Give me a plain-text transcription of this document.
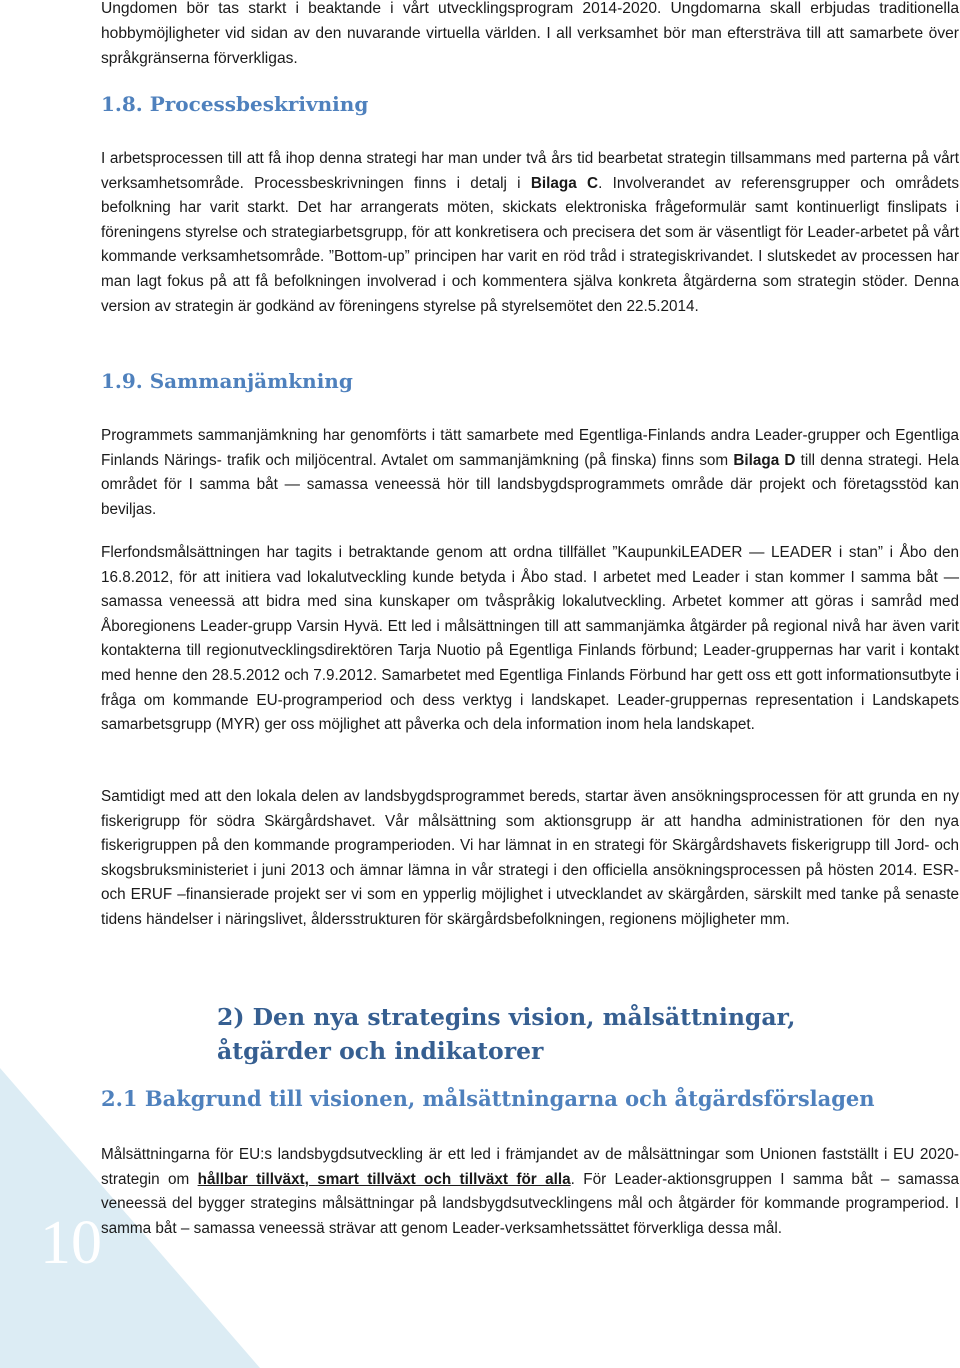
10

Ungdomen bör tas starkt i beaktande i vårt utvecklingsprogram 2014-2020. Ungdomarna skall erbjudas traditionella hobbymöjligheter vid sidan av den nuvarande virtuella världen. I all verksamhet bör man eftersträva till att samarbete över språkgränserna förverkligas.

1.8. Processbeskrivning

I arbetsprocessen till att få ihop denna strategi har man under två års tid bearbetat strategin tillsammans med parterna på vårt verksamhetsområde. Processbeskrivningen finns i detalj i Bilaga C. Involverandet av referensgrupper och områdets befolkning har varit starkt. Det har arrangerats möten, skickats elektroniska frågeformulär samt kontinuerligt finslipats i föreningens styrelse och strategiarbetsgrupp, för att konkretisera och precisera det som är väsentligt för Leader-arbetet på vårt kommande verksamhetsområde. ”Bottom-up” principen har varit en röd tråd i strategiskrivandet. I slutskedet av processen har man lagt fokus på att få befolkningen involverad i och kommentera själva konkreta åtgärderna som strategin stöder. Denna version av strategin är godkänd av föreningens styrelse på styrelsemötet den 22.5.2014.

1.9. Sammanjämkning

Programmets sammanjämkning har genomförts i tätt samarbete med Egentliga-Finlands andra Leader-grupper och Egentliga Finlands Närings- trafik och miljöcentral. Avtalet om sammanjämkning (på finska) finns som Bilaga D till denna strategi. Hela området för I samma båt — samassa veneessä hör till landsbygdsprogrammets område där projekt och företagsstöd kan beviljas.

Flerfondsmålsättningen har tagits i betraktande genom att ordna tillfället ”KaupunkiLEADER — LEADER i stan” i Åbo den 16.8.2012, för att initiera vad lokalutveckling kunde betyda i Åbo stad. I arbetet med Leader i stan kommer I samma båt — samassa veneessä att bidra med sina kunskaper om tvåspråkig lokalutveckling. Arbetet kommer att göras i samråd med Åboregionens Leader-grupp Varsin Hyvä. Ett led i målsättningen till att sammanjämka åtgärder på regional nivå har även varit kontakterna till regionutvecklingsdirektören Tarja Nuotio på Egentliga Finlands förbund; Leader-gruppernas har varit i kontakt med henne den 28.5.2012 och 7.9.2012. Samarbetet med Egentliga Finlands Förbund har gett oss ett gott informationsutbyte i fråga om kommande EU-programperiod och dess verktyg i landskapet. Leader-gruppernas representation i Landskapets samarbetsgrupp (MYR) ger oss möjlighet att påverka och dela information inom hela landskapet.

Samtidigt med att den lokala delen av landsbygdsprogrammet bereds, startar även ansökningsprocessen för att grunda en ny fiskerigrupp för södra Skärgårdshavet. Vår målsättning som aktionsgrupp är att handha administrationen för den nya fiskerigruppen på den kommande programperioden. Vi har lämnat in en strategi för Skärgårdshavets fiskerigrupp till Jord- och skogsbruksministeriet i juni 2013 och ämnar lämna in vår strategi i den officiella ansökningsprocessen på hösten 2014. ESR- och ERUF –finansierade projekt ser vi som en ypperlig möjlighet i utvecklandet av skärgården, särskilt med tanke på senaste tidens händelser i näringslivet, åldersstrukturen för skärgårdsbefolkningen, regionens möjligheter mm.

2) Den nya strategins vision, målsättningar, åtgärder och indikatorer
2.1 Bakgrund till visionen, målsättningarna och åtgärdsförslagen

Målsättningarna för EU:s landsbygdsutveckling är ett led i främjandet av de målsättningar som Unionen fastställt i EU 2020- strategin om hållbar tillväxt, smart tillväxt och tillväxt för alla. För Leader-aktionsgruppen I samma båt – samassa veneessä del bygger strategins målsättningar på landsbygdsutvecklingens mål och åtgärder för kommande programperiod. I samma båt – samassa veneessä strävar att genom Leader-verksamhetssättet förverkliga dessa mål.
